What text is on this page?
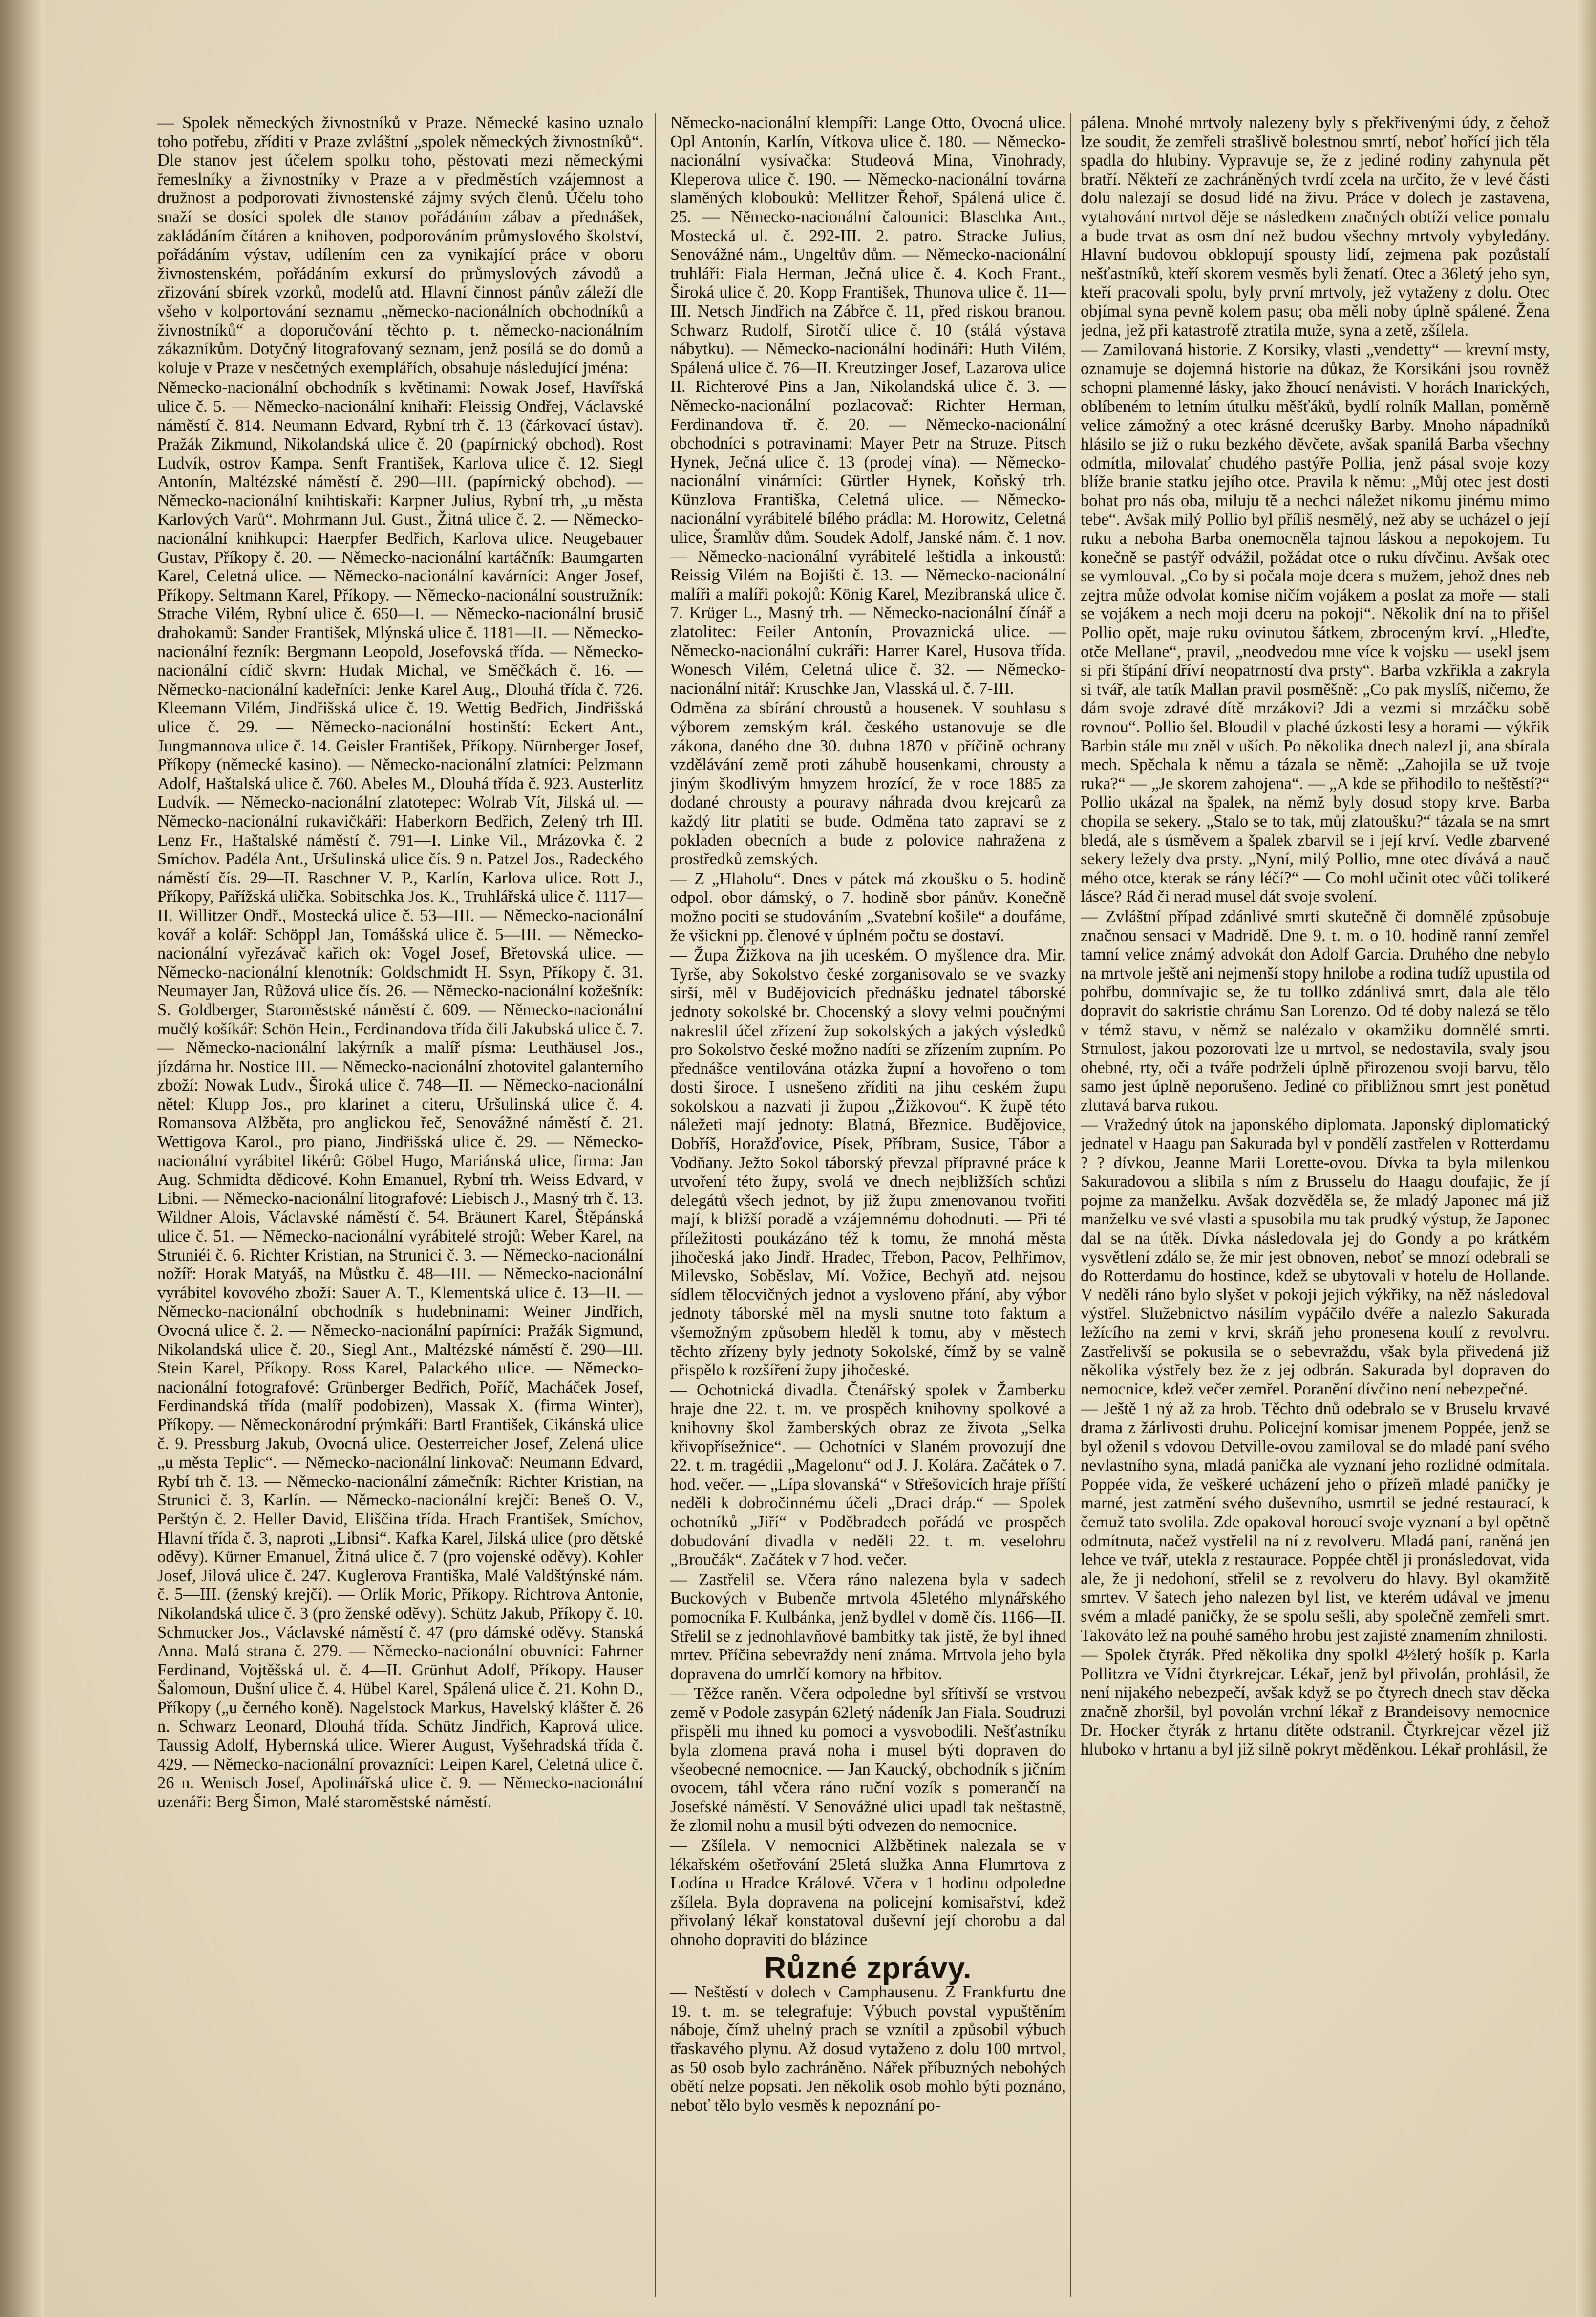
— Spolek německých živnostníků v Praze. Německé kasino uznalo toho potřebu, zříditi v Praze zvláštní „spolek německých živnostníků“. Dle stanov jest účelem spolku toho, pěstovati mezi německými řemeslníky a živnostníky v Praze a v předměstích vzájemnost a družnost a podporovati živnostenské zájmy svých členů. Účelu toho snaží se dosíci spolek dle stanov pořádáním zábav a přednášek, zakládáním čítáren a knihoven, podporováním průmyslového školství, pořádáním výstav, udílením cen za vynikající práce v oboru živnostenském, pořádáním exkursí do průmyslových závodů a zřizování sbírek vzorků, modelů atd. Hlavní činnost pánův záleží dle všeho v kolportování seznamu „německo-nacionálních obchodníků a živnostníků“ a doporučování těchto p. t. německo-nacionálním zákazníkům. Dotyčný litografovaný seznam, jenž posílá se do domů a koluje v Praze v nesčetných exemplářích, obsahuje následující jména:

Německo-nacionální obchodník s květinami: Nowak Josef, Havířská ulice č. 5. — Německo-nacionální knihaři: Fleissig Ondřej, Václavské náměstí č. 814. Neumann Edvard, Rybní trh č. 13 (čárkovací ústav). Pražák Zikmund, Nikolandská ulice č. 20 (papírnický obchod). Rost Ludvík, ostrov Kampa. Senft František, Karlova ulice č. 12. Siegl Antonín, Maltézské náměstí č. 290—III. (papírnický obchod). — Německo-nacionální knihtiskaři: Karpner Julius, Rybní trh, „u města Karlových Varů“. Mohrmann Jul. Gust., Žitná ulice č. 2. — Německo-nacionální knihkupci: Haerpfer Bedřich, Karlova ulice. Neugebauer Gustav, Příkopy č. 20. — Německo-nacionální kartáčník: Baumgarten Karel, Celetná ulice. — Německo-nacionální kavárníci: Anger Josef, Příkopy. Seltmann Karel, Příkopy. — Německo-nacionální soustružník: Strache Vilém, Rybní ulice č. 650—I. — Německo-nacionální brusič drahokamů: Sander František, Mlýnská ulice č. 1181—II. — Německo-nacionální řezník: Bergmann Leopold, Josefovská třída. — Německo-nacionální cídič skvrn: Hudak Michal, ve Směčkách č. 16. — Německo-nacionální kadeřníci: Jenke Karel Aug., Dlouhá třída č. 726. Kleemann Vilém, Jindřišská ulice č. 19. Wettig Bedřich, Jindřišská ulice č. 29. — Německo-nacionální hostinští: Eckert Ant., Jungmannova ulice č. 14. Geisler František, Příkopy. Nürnberger Josef, Příkopy (německé kasino). — Německo-nacionální zlatníci: Pelzmann Adolf, Haštalská ulice č. 760. Abeles M., Dlouhá třída č. 923. Austerlitz Ludvík. — Německo-nacionální zlatotepec: Wolrab Vít, Jilská ul. — Německo-nacionální rukavičkáři: Haberkorn Bedřich, Zelený trh III. Lenz Fr., Haštalské náměstí č. 791—I. Linke Vil., Mrázovka č. 2 Smíchov. Padéla Ant., Uršulinská ulice čís. 9 n. Patzel Jos., Radeckého náměstí čís. 29—II. Raschner V. P., Karlín, Karlova ulice. Rott J., Příkopy, Pařížská ulička. Sobitschka Jos. K., Truhlářská ulice č. 1117—II. Willitzer Ondř., Mostecká ulice č. 53—III. — Německo-nacionální kovář a kolář: Schöppl Jan, Tomášská ulice č. 5—III. — Německo-nacionální vyřezávač kařich ok: Vogel Josef, Břetovská ulice. — Německo-nacionální klenotník: Goldschmidt H. Ssyn, Příkopy č. 31. Neumayer Jan, Růžová ulice čís. 26. — Německo-nacionální kožešník: S. Goldberger, Staroměstské náměstí č. 609. — Německo-nacionální mučlý košíkář: Schön Hein., Ferdinandova třída čili Jakubská ulice č. 7. — Německo-nacionální lakýrník a malíř písma: Leuthäusel Jos., jízdárna hr. Nostice III. — Německo-nacionální zhotovitel galanterního zboží: Nowak Ludv., Široká ulice č. 748—II. — Německo-nacionální nětel: Klupp Jos., pro klarinet a citeru, Uršulinská ulice č. 4. Romansova Alžběta, pro anglickou řeč, Senovážné náměstí č. 21. Wettigova Karol., pro piano, Jindřišská ulice č. 29. — Německo-nacionální vyrábitel likérů: Göbel Hugo, Mariánská ulice, firma: Jan Aug. Schmidta dědicové. Kohn Emanuel, Rybní trh. Weiss Edvard, v Libni. — Německo-nacionální litografové: Liebisch J., Masný trh č. 13. Wildner Alois, Václavské náměstí č. 54. Bräunert Karel, Štěpánská ulice č. 51. — Německo-nacionální vyrábitelé strojů: Weber Karel, na Struniéi č. 6. Richter Kristian, na Strunici č. 3. — Německo-nacionální nožíř: Horak Matyáš, na Můstku č. 48—III. — Německo-nacionální vyrábitel kovového zboží: Sauer A. T., Klementská ulice č. 13—II. — Německo-nacionální obchodník s hudebninami: Weiner Jindřich, Ovocná ulice č. 2. — Německo-nacionální papírníci: Pražák Sigmund, Nikolandská ulice č. 20., Siegl Ant., Maltézské náměstí č. 290—III. Stein Karel, Příkopy. Ross Karel, Palackého ulice. — Německo-nacionální fotografové: Grünberger Bedřich, Poříč, Macháček Josef, Ferdinandská třída (malíř podobizen), Massak X. (firma Winter), Příkopy. — Německonárodní prýmkáři: Bartl František, Cikánská ulice č. 9. Pressburg Jakub, Ovocná ulice. Oesterreicher Josef, Zelená ulice „u města Teplic“. — Německo-nacionální linkovač: Neumann Edvard, Rybí trh č. 13. — Německo-nacionální zámečník: Richter Kristian, na Strunici č. 3, Karlín. — Německo-nacionální krejčí: Beneš O. V., Perštýn č. 2. Heller David, Eliščina třída. Hrach František, Smíchov, Hlavní třída č. 3, naproti „Libnsi“. Kafka Karel, Jilská ulice (pro dětské oděvy). Kürner Emanuel, Žitná ulice č. 7 (pro vojenské oděvy). Kohler Josef, Jilová ulice č. 247. Kuglerova Františka, Malé Valdštýnské nám. č. 5—III. (ženský krejčí). — Orlík Moric, Příkopy. Richtrova Antonie, Nikolandská ulice č. 3 (pro ženské oděvy). Schütz Jakub, Příkopy č. 10. Schmucker Jos., Václavské náměstí č. 47 (pro dámské oděvy. Stanská Anna. Malá strana č. 279. — Německo-nacionální obuvníci: Fahrner Ferdinand, Vojtěšská ul. č. 4—II. Grünhut Adolf, Příkopy. Hauser Šalomoun, Dušní ulice č. 4. Hübel Karel, Spálená ulice č. 21. Kohn D., Příkopy („u černého koně). Nagelstock Markus, Havelský klášter č. 26 n. Schwarz Leonard, Dlouhá třída. Schütz Jindřich, Kaprová ulice. Taussig Adolf, Hybernská ulice. Wierer August, Vyšehradská třída č. 429. — Německo-nacionální provazníci: Leipen Karel, Celetná ulice č. 26 n. Wenisch Josef, Apolinářská ulice č. 9. — Německo-nacionální uzenáři: Berg Šimon, Malé staroměstské náměstí.

Německo-nacionální klempíři: Lange Otto, Ovocná ulice. Opl Antonín, Karlín, Vítkova ulice č. 180. — Německo-nacionální vysívačka: Studeová Mina, Vinohrady, Kleperova ulice č. 190. — Německo-nacionální továrna slaměných klobouků: Mellitzer Řehoř, Spálená ulice č. 25. — Německo-nacionální čalounici: Blaschka Ant., Mostecká ul. č. 292-III. 2. patro. Stracke Julius, Senovážné nám., Ungeltův dům. — Německo-nacionální truhláři: Fiala Herman, Ječná ulice č. 4. Koch Frant., Široká ulice č. 20. Kopp František, Thunova ulice č. 11—III. Netsch Jindřich na Zábřce č. 11, před riskou branou. Schwarz Rudolf, Sirotčí ulice č. 10 (stálá výstava nábytku). — Německo-nacionální hodináři: Huth Vilém, Spálená ulice č. 76—II. Kreutzinger Josef, Lazarova ulice II. Richterové Pins a Jan, Nikolandská ulice č. 3. — Německo-nacionální pozlacovač: Richter Herman, Ferdinandova tř. č. 20. — Německo-nacionální obchodníci s potravinami: Mayer Petr na Struze. Pitsch Hynek, Ječná ulice č. 13 (prodej vína). — Německo-nacionální vinárníci: Gürtler Hynek, Koňský trh. Künzlova Františka, Celetná ulice. — Německo-nacionální vyrábitelé bílého prádla: M. Horowitz, Celetná ulice, Šramlův dům. Soudek Adolf, Janské nám. č. 1 nov. — Německo-nacionální vyrábitelé leštidla a inkoustů: Reissig Vilém na Bojišti č. 13. — Německo-nacionální malíři a malíři pokojů: König Karel, Mezibranská ulice č. 7. Krüger L., Masný trh. — Německo-nacionální čínář a zlatolitec: Feiler Antonín, Provaznická ulice. — Německo-nacionální cukráři: Harrer Karel, Husova třída. Wonesch Vilém, Celetná ulice č. 32. — Německo-nacionální nitář: Kruschke Jan, Vlasská ul. č. 7-III.

Odměna za sbírání chroustů a housenek. V souhlasu s výborem zemským král. českého ustanovuje se dle zákona, daného dne 30. dubna 1870 v příčině ochrany vzdělávání země proti záhubě housenkami, chrousty a jiným škodlivým hmyzem hrozící, že v roce 1885 za dodané chrousty a pouravy náhrada dvou krejcarů za každý litr platiti se bude. Odměna tato zapraví se z pokladen obecních a bude z polovice nahražena z prostředků zemských.

— Z „Hlaholu“. Dnes v pátek má zkoušku o 5. hodině odpol. obor dámský, o 7. hodině sbor pánův. Konečně možno pociti se studováním „Svatební košile“ a doufáme, že všickni pp. členové v úplném počtu se dostaví.

— Župa Žižkova na jih uceském. O myšlence dra. Mir. Tyrše, aby Sokolstvo české zorganisovalo se ve svazky sirší, měl v Budějovicích přednášku jednatel táborské jednoty sokolské br. Chocenský a slovy velmi poučnými nakreslil účel zřízení žup sokolských a jakých výsledků pro Sokolstvo české možno nadíti se zřízením zupním. Po přednášce ventilována otázka župní a hovořeno o tom dosti široce. I usnešeno zříditi na jihu ceském župu sokolskou a nazvati ji župou „Žižkovou“. K župě této náležeti mají jednoty: Blatná, Březnice. Budějovice, Dobříš, Horažďovice, Písek, Příbram, Susice, Tábor a Vodňany. Ježto Sokol táborský převzal přípravné práce k utvoření této župy, svolá ve dnech nejbližších schůzi delegátů všech jednot, by již župu zmenovanou tvořiti mají, k bližší poradě a vzájemnému dohodnuti. — Při té příležitosti poukázáno též k tomu, že mnohá města jihočeská jako Jindř. Hradec, Třebon, Pacov, Pelhřimov, Milevsko, Soběslav, Mí. Vožice, Bechyň atd. nejsou sídlem tělocvičných jednot a vysloveno přání, aby výbor jednoty táborské měl na mysli snutne toto faktum a všemožným způsobem hleděl k tomu, aby v městech těchto zřízeny byly jednoty Sokolské, čímž by se valně přispělo k rozšíření župy jihočeské.

— Ochotnická divadla. Čtenářský spolek v Žamberku hraje dne 22. t. m. ve prospěch knihovny spolkové a knihovny škol žamberských obraz ze života „Selka křivopřísežnice“. — Ochotníci v Slaném provozují dne 22. t. m. tragédii „Magelonu“ od J. J. Kolára. Začátek o 7. hod. večer. — „Lípa slovanská“ v Střešovicích hraje příští neděli k dobročinnému účeli „Draci dráp.“ — Spolek ochotníků „Jiří“ v Poděbradech pořádá ve prospěch dobudování divadla v neděli 22. t. m. veselohru „Broučák“. Začátek v 7 hod. večer.

— Zastřelil se. Včera ráno nalezena byla v sadech Buckových v Bubenče mrtvola 45letého mlynářského pomocníka F. Kulbánka, jenž bydlel v domě čís. 1166—II. Střelil se z jednohlavňové bambitky tak jistě, že byl ihned mrtev. Příčina sebevraždy není známa. Mrtvola jeho byla dopravena do umrlčí komory na hřbitov.

— Těžce raněn. Včera odpoledne byl sřítivší se vrstvou země v Podole zasypán 62letý nádeník Jan Fiala. Soudruzi přispěli mu ihned ku pomoci a vysvobodili. Nešťastníku byla zlomena pravá noha i musel býti dopraven do všeobecné nemocnice. — Jan Kaucký, obchodník s jičním ovocem, táhl včera ráno ruční vozík s pomerančí na Josefské náměstí. V Senovážné ulici upadl tak neštastně, že zlomil nohu a musil býti odvezen do nemocnice.

— Zšílela. V nemocnici Alžbětinek nalezala se v lékařském ošetřování 25letá služka Anna Flumrtova z Lodína u Hradce Králové. Včera v 1 hodinu odpoledne zšílela. Byla dopravena na policejní komisařství, kdež přivolaný lékař konstatoval duševní její chorobu a dal ohnoho dopraviti do blázince

Různé zprávy.

— Neštěstí v dolech v Camphausenu. Z Frankfurtu dne 19. t. m. se telegrafuje: Výbuch povstal vypuštěním náboje, čímž uhelný prach se vznítil a způsobil výbuch třaskavého plynu. Až dosud vytaženo z dolu 100 mrtvol, as 50 osob bylo zachráněno. Nářek příbuzných nebohých obětí nelze popsati. Jen několik osob mohlo býti poznáno, neboť tělo bylo vesměs k nepoznání po-

pálena. Mnohé mrtvoly nalezeny byly s překřivenými údy, z čehož lze soudit, že zemřeli strašlivě bolestnou smrtí, neboť hořící jich těla spadla do hlubiny. Vypravuje se, že z jediné rodiny zahynula pět bratří. Někteří ze zachráněných tvrdí zcela na určito, že v levé části dolu nalezají se dosud lidé na živu. Práce v dolech je zastavena, vytahování mrtvol děje se následkem značných obtíží velice pomalu a bude trvat as osm dní než budou všechny mrtvoly vybyledány. Hlavní budovou obklopují spousty lidí, zejmena pak pozůstalí nešťastníků, kteří skorem vesměs byli ženatí. Otec a 36letý jeho syn, kteří pracovali spolu, byly první mrtvoly, jež vytaženy z dolu. Otec objímal syna pevně kolem pasu; oba měli noby úplně spálené. Žena jedna, jež při katastrofě ztratila muže, syna a zetě, zšílela.

— Zamilovaná historie. Z Korsiky, vlasti „vendetty“ — krevní msty, oznamuje se dojemná historie na důkaz, že Korsikáni jsou rovněž schopni plamenné lásky, jako žhoucí nenávisti. V horách Inarických, oblíbeném to letním útulku měšťáků, bydlí rolník Mallan, poměrně velice zámožný a otec krásné dcerušky Barby. Mnoho nápadníků hlásilo se již o ruku bezkého děvčete, avšak spanilá Barba všechny odmítla, milovalať chudého pastýře Pollia, jenž pásal svoje kozy blíže branie statku jejího otce. Pravila k němu: „Můj otec jest dosti bohat pro nás oba, miluju tě a nechci náležet nikomu jinému mimo tebe“. Avšak milý Pollio byl příliš nesmělý, než aby se ucházel o její ruku a neboha Barba onemocněla tajnou láskou a nepokojem. Tu konečně se pastýř odvážil, požádat otce o ruku dívčinu. Avšak otec se vymlouval. „Co by si počala moje dcera s mužem, jehož dnes neb zejtra může odvolat komise ničím vojákem a poslat za moře — stali se vojákem a nech moji dceru na pokoji“. Několik dní na to přišel Pollio opět, maje ruku ovinutou šátkem, zbroceným krví. „Hleďte, otče Mellane“, pravil, „neodvedou mne více k vojsku — usekl jsem si při štípání dříví neopatrností dva prsty“. Barba vzkřikla a zakryla si tvář, ale tatík Mallan pravil posměšně: „Co pak myslíš, ničemo, že dám svoje zdravé dítě mrzákovi? Jdi a vezmi si mrzáčku sobě rovnou“. Pollio šel. Bloudil v plaché úzkosti lesy a horami — výkřik Barbin stále mu zněl v uších. Po několika dnech nalezl ji, ana sbírala mech. Spěchala k němu a tázala se němě: „Zahojila se už tvoje ruka?“ — „Je skorem zahojena“. — „A kde se přihodilo to neštěstí?“ Pollio ukázal na špalek, na němž byly dosud stopy krve. Barba chopila se sekery. „Stalo se to tak, můj zlatoušku?“ tázala se na smrt bledá, ale s úsměvem a špalek zbarvil se i její krví. Vedle zbarvené sekery ležely dva prsty. „Nyní, milý Pollio, mne otec dívává a nauč mého otce, kterak se rány léčí?“ — Co mohl učinit otec vůči tolikeré lásce? Rád či nerad musel dát svoje svolení.

— Zvláštní případ zdánlivé smrti skutečně či domnělé způsobuje značnou sensaci v Madridě. Dne 9. t. m. o 10. hodině ranní zemřel tamní velice známý advokát don Adolf Garcia. Druhého dne nebylo na mrtvole ještě ani nejmenší stopy hnilobe a rodina tudíž upustila od pohřbu, domnívajic se, že tu tollko zdánlivá smrt, dala ale tělo dopravit do sakristie chrámu San Lorenzo. Od té doby nalezá se tělo v témž stavu, v němž se nalézalo v okamžiku domnělé smrti. Strnulost, jakou pozorovati lze u mrtvol, se nedostavila, svaly jsou ohebné, rty, oči a tváře podrželi úplně přirozenou svoji barvu, tělo samo jest úplně neporušeno. Jediné co přibližnou smrt jest ponětud zlutavá barva rukou.

— Vražedný útok na japonského diplomata. Japonský diplomatický jednatel v Haagu pan Sakurada byl v pondělí zastřelen v Rotterdamu ? ? dívkou, Jeanne Marii Lorette-ovou. Dívka ta byla milenkou Sakuradovou a slibila s ním z Brusselu do Haagu doufajic, že jí pojme za manželku. Avšak dozvěděla se, že mladý Japonec má již manželku ve své vlasti a spusobila mu tak prudký výstup, že Japonec dal se na útěk. Dívka následovala jej do Gondy a po krátkém vysvětlení zdálo se, že mir jest obnoven, neboť se mnozí odebrali se do Rotterdamu do hostince, kdež se ubytovali v hotelu de Hollande. V neděli ráno bylo slyšet v pokoji jejich výkřiky, na něž následoval výstřel. Služebnictvo násilím vypáčilo dvéře a nalezlo Sakurada ležícího na zemi v krvi, skráň jeho pronesena koulí z revolvru. Zastřelivší se pokusila se o sebevraždu, však byla přivedená již několika výstřely bez že z jej odbrán. Sakurada byl dopraven do nemocnice, kdež večer zemřel. Poranění dívčino není nebezpečné.

— Ještě 1 ný až za hrob. Těchto dnů odebralo se v Bruselu krvavé drama z žárlivosti druhu. Policejní komisar jmenem Poppée, jenž se byl oženil s vdovou Detville-ovou zamiloval se do mladé paní svého nevlastního syna, mladá panička ale vyznaní jeho rozlidné odmítala. Poppée vida, že veškeré ucházení jeho o přízeň mladé paničky je marné, jest zatmění svého duševního, usmrtil se jedné restaurací, k čemuž tato svolila. Zde opakoval horoucí svoje vyznaní a byl opětně odmítnuta, načež vystřelil na ní z revolveru. Mladá paní, raněná jen lehce ve tvář, utekla z restaurace. Poppée chtěl ji pronásledovat, vida ale, že ji nedohoní, střelil se z revolveru do hlavy. Byl okamžitě smrtev. V šatech jeho nalezen byl list, ve kterém udával ve jmenu svém a mladé paničky, že se spolu sešli, aby společně zemřeli smrt. Takováto lež na pouhé samého hrobu jest zajisté znamením zhnilosti.

— Spolek čtyrák. Před několika dny spolkl 4½letý hošík p. Karla Pollitzra ve Vídni čtyrkrejcar. Lékař, jenž byl přivolán, prohlásil, že není nijakého nebezpečí, avšak když se po čtyrech dnech stav děcka značně zhoršil, byl povolán vrchní lékař z Brandeisovy nemocnice Dr. Hocker čtyrák z hrtanu dítěte odstranil. Čtyrkrejcar vězel již hluboko v hrtanu a byl již silně pokryt měděnkou. Lékař prohlásil, že
